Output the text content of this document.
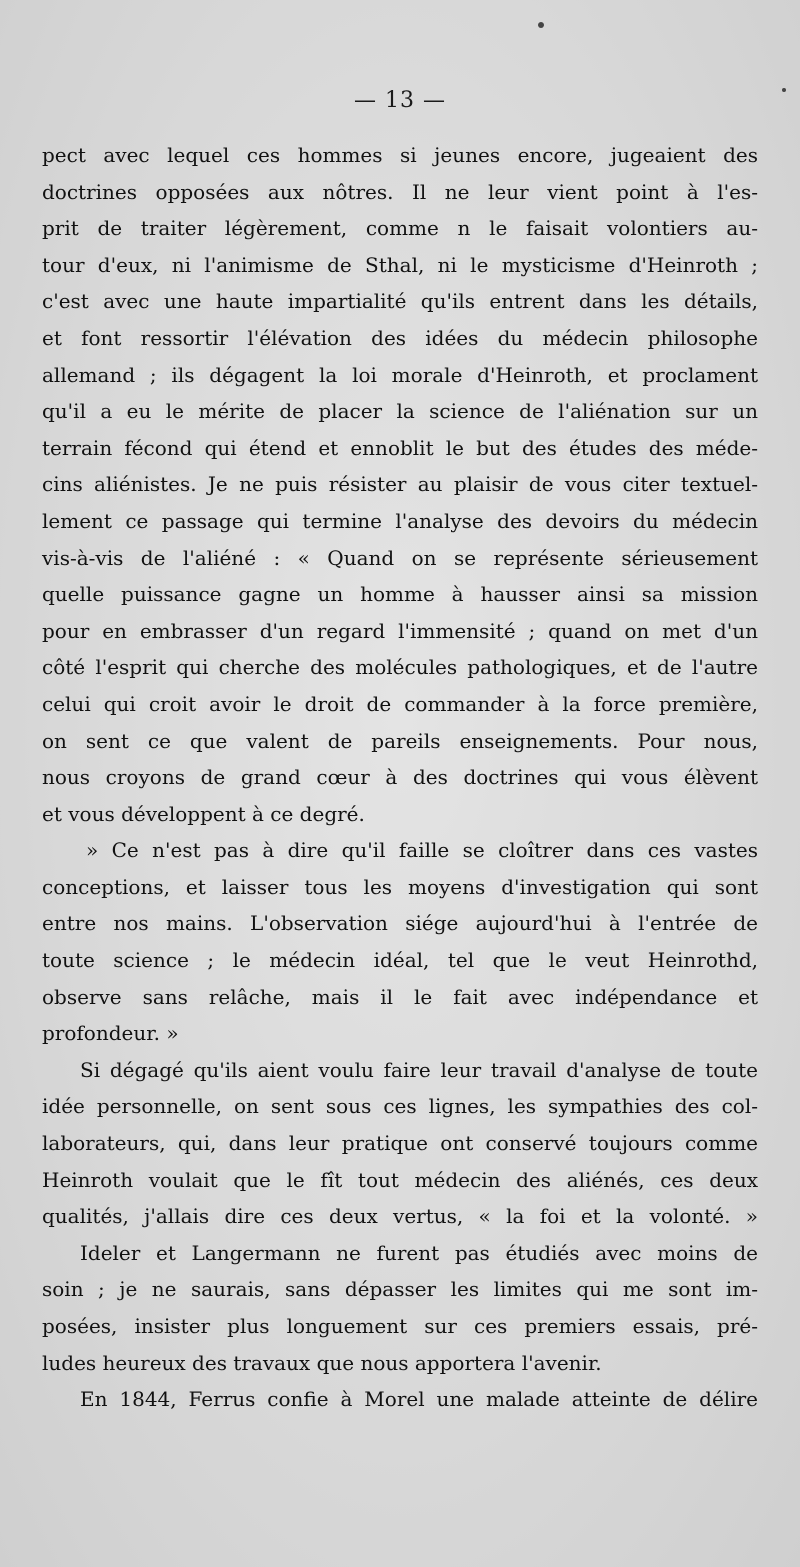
— 13 —
pect avec lequel ces hommes si jeunes encore, jugeaient des
doctrines opposées aux nôtres. Il ne leur vient point à l'es-
prit de traiter légèrement, comme n le faisait volontiers au-
tour d'eux, ni l'animisme de Sthal, ni le mysticisme d'Heinroth ;
c'est avec une haute impartialité qu'ils entrent dans les détails,
et font ressortir l'élévation des idées du médecin philosophe
allemand ; ils dégagent la loi morale d'Heinroth, et proclament
qu'il a eu le mérite de placer la science de l'aliénation sur un
terrain fécond qui étend et ennoblit le but des études des méde-
cins aliénistes. Je ne puis résister au plaisir de vous citer textuel-
lement ce passage qui termine l'analyse des devoirs du médecin
vis-à-vis de l'aliéné : « Quand on se représente sérieusement
quelle puissance gagne un homme à hausser ainsi sa mission
pour en embrasser d'un regard l'immensité ; quand on met d'un
côté l'esprit qui cherche des molécules pathologiques, et de l'autre
celui qui croit avoir le droit de commander à la force première,
on sent ce que valent de pareils enseignements. Pour nous,
nous croyons de grand cœur à des doctrines qui vous élèvent
et vous développent à ce degré.
» Ce n'est pas à dire qu'il faille se cloîtrer dans ces vastes
conceptions, et laisser tous les moyens d'investigation qui sont
entre nos mains. L'observation siége aujourd'hui à l'entrée de
toute science ; le médecin idéal, tel que le veut Heinrothd,
observe sans relâche, mais il le fait avec indépendance et
profondeur. »
Si dégagé qu'ils aient voulu faire leur travail d'analyse de toute
idée personnelle, on sent sous ces lignes, les sympathies des col-
laborateurs, qui, dans leur pratique ont conservé toujours comme
Heinroth voulait que le fît tout médecin des aliénés, ces deux
qualités, j'allais dire ces deux vertus, « la foi et la volonté. »
Ideler et Langermann ne furent pas étudiés avec moins de
soin ; je ne saurais, sans dépasser les limites qui me sont im-
posées, insister plus longuement sur ces premiers essais, pré-
ludes heureux des travaux que nous apportera l'avenir.
En 1844, Ferrus confie à Morel une malade atteinte de délire
